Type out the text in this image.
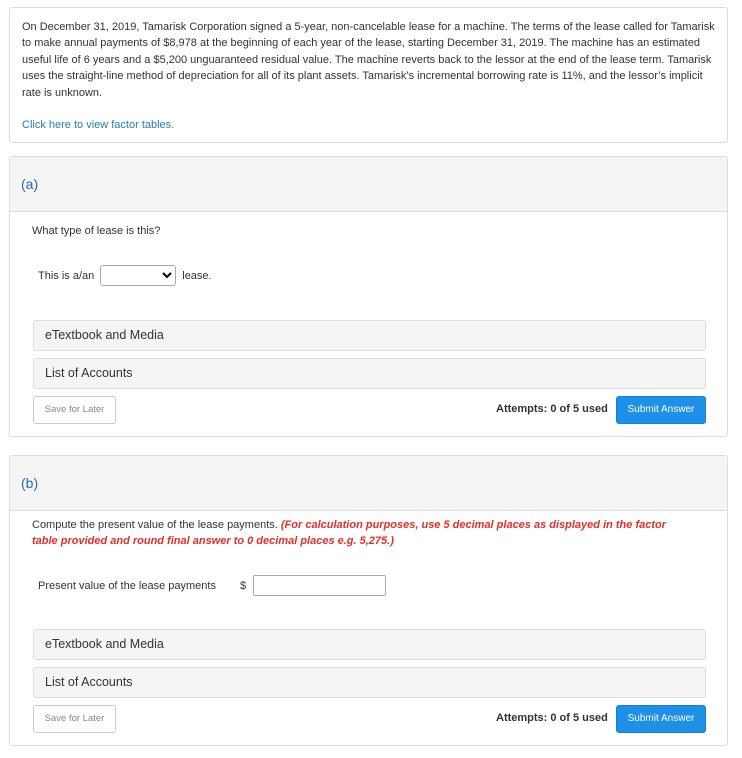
On December 31, 2019, Tamarisk Corporation signed a 5-year, non-cancelable lease for a machine. The terms of the lease called for Tamarisk to make annual payments of $8,978 at the beginning of each year of the lease, starting December 31, 2019. The machine has an estimated useful life of 6 years and a $5,200 unguaranteed residual value. The machine reverts back to the lessor at the end of the lease term. Tamarisk uses the straight-line method of depreciation for all of its plant assets. Tamarisk’s incremental borrowing rate is 11%, and the lessor’s implicit rate is unknown.

Click here to view factor tables.
(a)
What type of lease is this?
This is a/an	lease.
eTextbook and Media
List of Accounts
Save for Later	Attempts: 0 of 5 used	Submit Answer
(b)
Compute the present value of the lease payments. (For calculation purposes, use 5 decimal places as displayed in the factor table provided and round final answer to 0 decimal places e.g. 5,275.)
Present value of the lease payments $
eTextbook and Media
List of Accounts
Save for Later	Attempts: 0 of 5 used	Submit Answer
